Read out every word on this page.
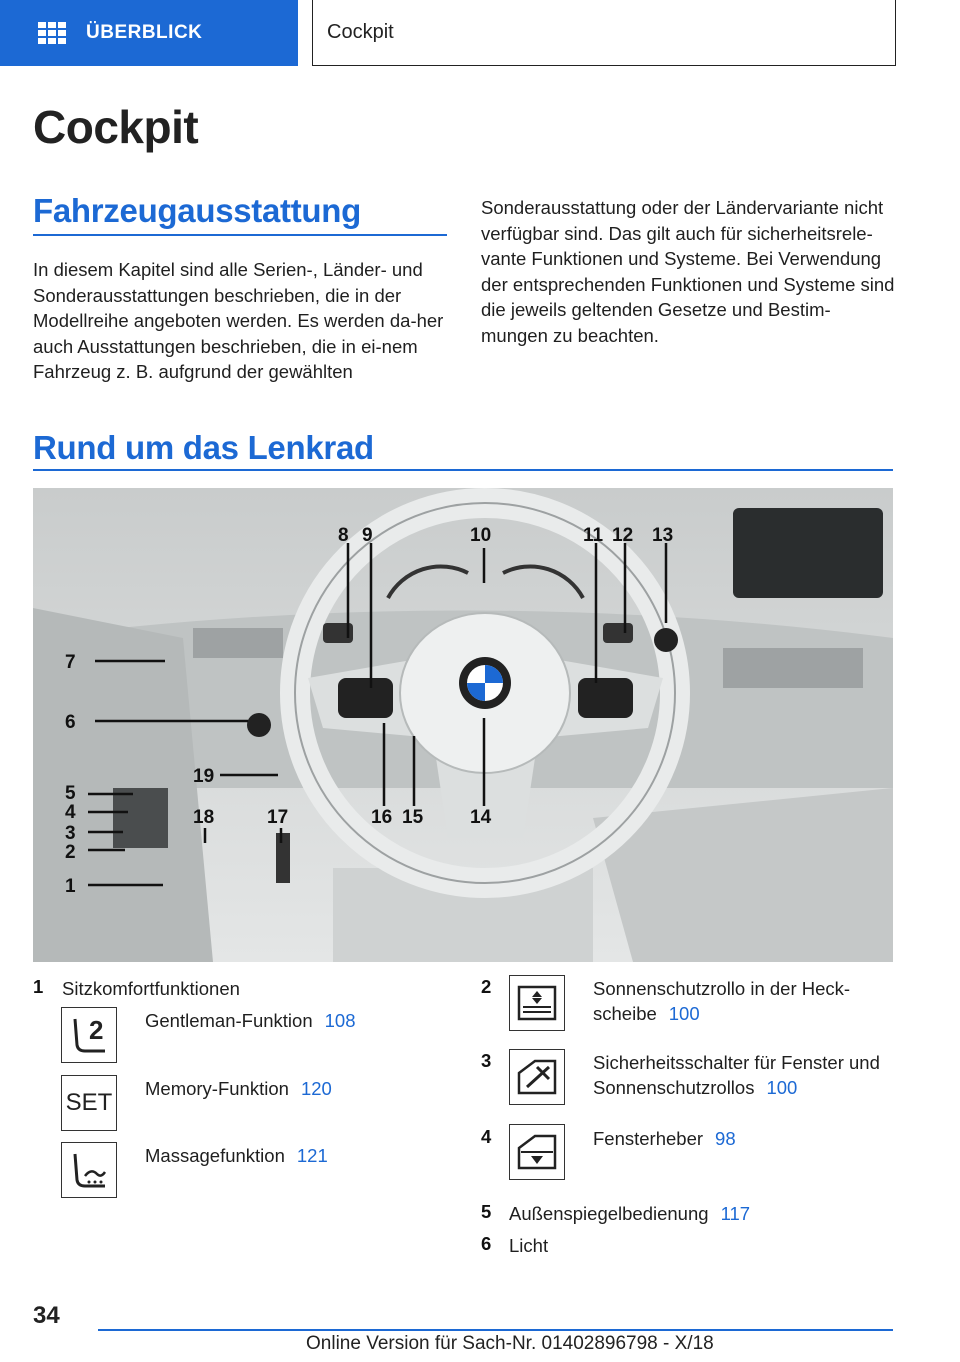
ÜBERBLICK	Cockpit
Cockpit
Fahrzeugausstattung

In diesem Kapitel sind alle Serien-, Länder- und Sonderausstattungen beschrieben, die in der Modellreihe angeboten werden. Es werden da-her auch Ausstattungen beschrieben, die in ei-nem Fahrzeug z. B. aufgrund der gewählten

Sonderausstattung oder der Ländervariante nicht verfügbar sind. Das gilt auch für sicherheitsrele-vante Funktionen und Systeme. Bei Verwendung der entsprechenden Funktionen und Systeme sind die jeweils geltenden Gesetze und Bestim-mungen zu beachten.

Rund um das Lenkrad
8 9	10	11 12 13
7
6
19
5
4
3
2
1
18	17	16 15 14
1 Sitzkomfortfunktionen
2 Gentleman-Funktion 108
SET
Memory-Funktion 120
Massagefunktion 121
2	Sonnenschutzrollo in der Heck-
scheibe 100
3	Sicherheitsschalter für Fenster und
Sonnenschutzrollos 100
4	Fensterheber 98
5 Außenspiegelbedienung 117
6 Licht
34
Online Version für Sach-Nr. 01402896798 - X/18
